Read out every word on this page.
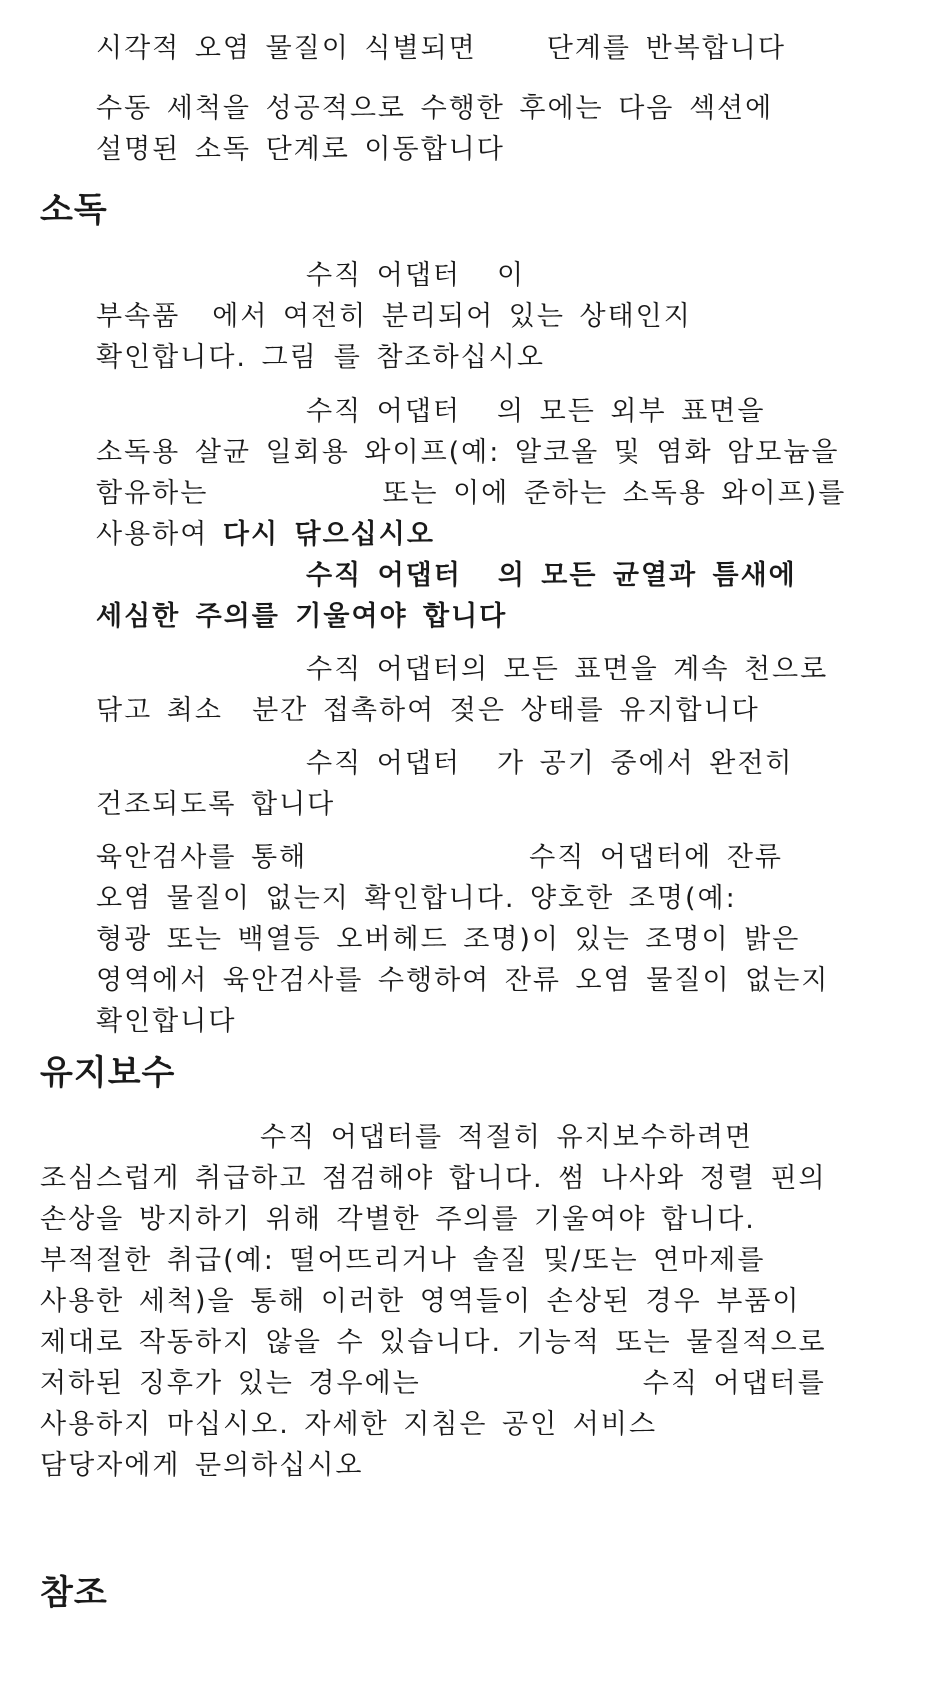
시각적 오염 물질이 식별되면	단계를 반복합니다
수동 세척을 성공적으로 수행한 후에는 다음 섹션에
설명된 소독 단계로 이동합니다
소독
수직 어댑터 이
부속품 에서 여전히 분리되어 있는 상태인지
확인합니다. 그림 를 참조하십시오
수직 어댑터 의 모든 외부 표면을
소독용 살균 일회용 와이프(예: 알코올 및 염화 암모늄을
함유하는	또는 이에 준하는 소독용 와이프)를
사용하여 다시 닦으십시오
수직 어댑터 의 모든 균열과 틈새에
세심한 주의를 기울여야 합니다
수직 어댑터의 모든 표면을 계속 천으로
닦고 최소  분간 접촉하여 젖은 상태를 유지합니다
수직 어댑터 가 공기 중에서 완전히
건조되도록 합니다
육안검사를 통해	수직 어댑터에 잔류
오염 물질이 없는지 확인합니다. 양호한 조명(예:
형광 또는 백열등 오버헤드 조명)이 있는 조명이 밝은
영역에서 육안검사를 수행하여 잔류 오염 물질이 없는지
확인합니다
유지보수
수직 어댑터를 적절히 유지보수하려면
조심스럽게 취급하고 점검해야 합니다. 썸 나사와 정렬 핀의
손상을 방지하기 위해 각별한 주의를 기울여야 합니다.
부적절한 취급(예: 떨어뜨리거나 솔질 및/또는 연마제를
사용한 세척)을 통해 이러한 영역들이 손상된 경우 부품이
제대로 작동하지 않을 수 있습니다. 기능적 또는 물질적으로
저하된 징후가 있는 경우에는	수직 어댑터를
사용하지 마십시오. 자세한 지침은 공인 서비스
담당자에게 문의하십시오
참조
